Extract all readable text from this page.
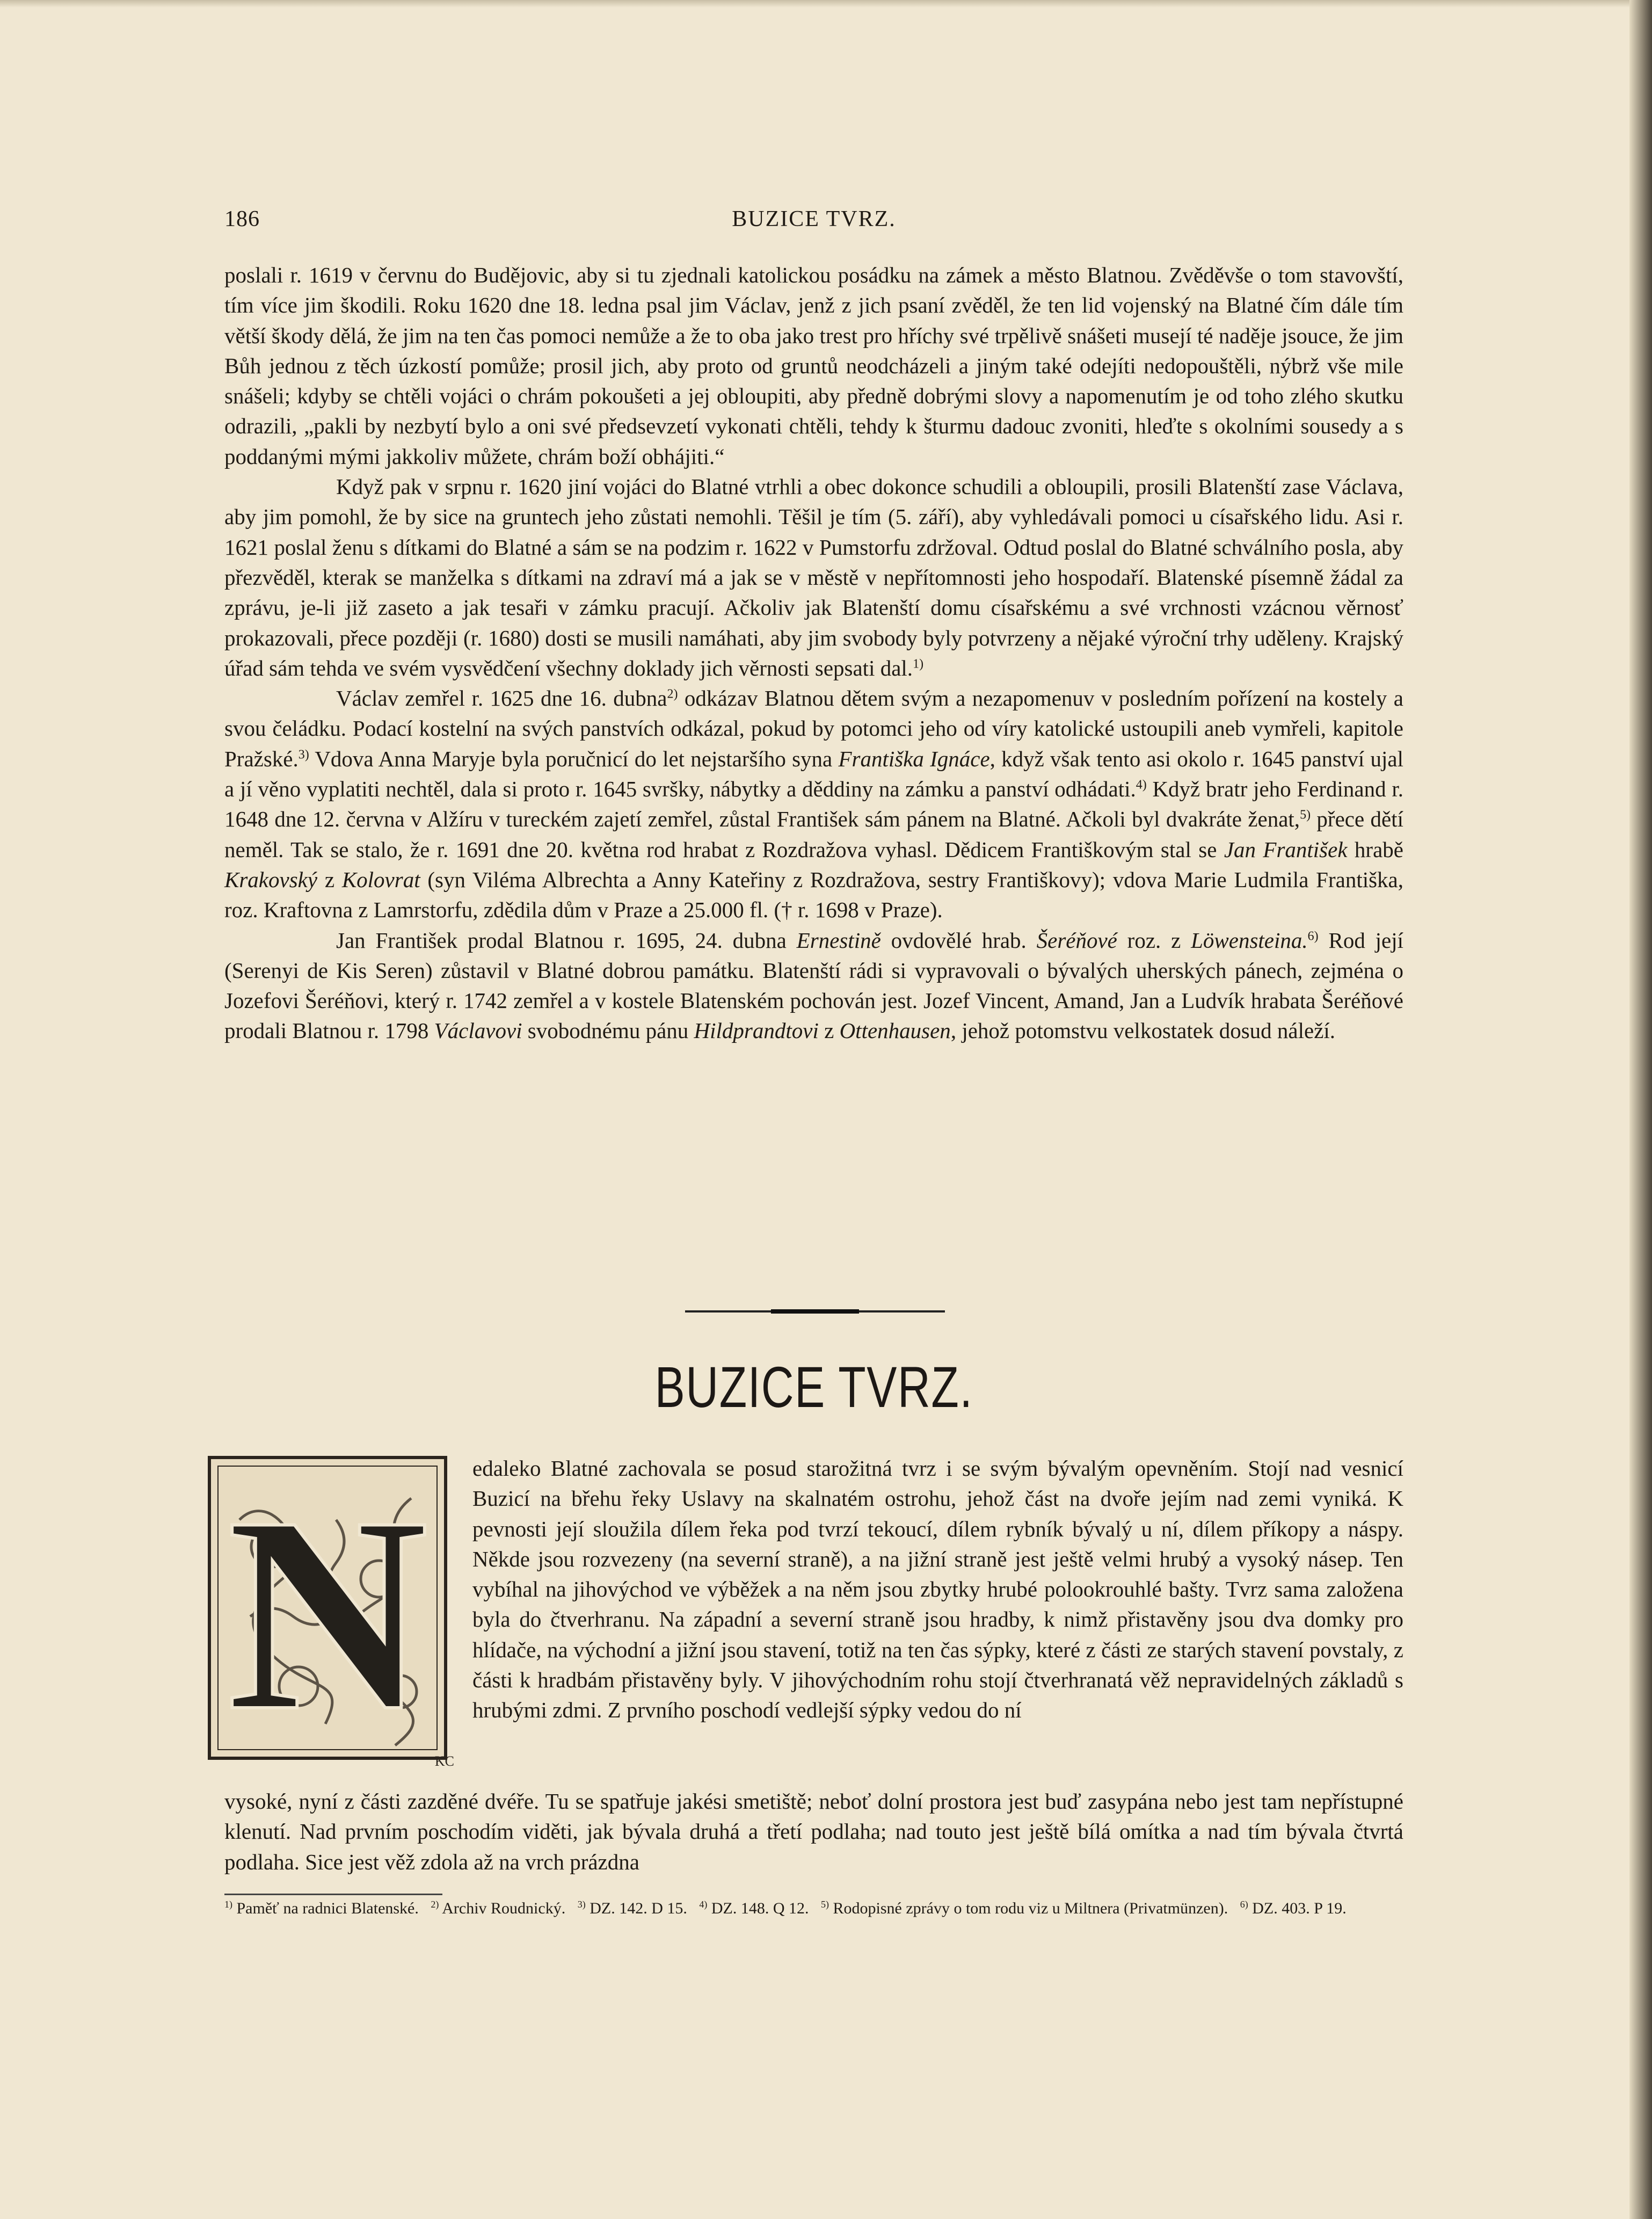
186	BUZICE TVRZ.

poslali r. 1619 v červnu do Budějovic, aby si tu zjednali katolickou posádku na zámek a město Blatnou. Zvěděvše o tom stavovští, tím více jim škodili. Roku 1620 dne 18. ledna psal jim Václav, jenž z jich psaní zvěděl, že ten lid vojenský na Blatné čím dále tím větší škody dělá, že jim na ten čas pomoci nemůže a že to oba jako trest pro hříchy své trpělivě snášeti musejí té naděje jsouce, že jim Bůh jednou z těch úzkostí pomůže; prosil jich, aby proto od gruntů neodcházeli a jiným také odejíti nedopouštěli, nýbrž vše mile snášeli; kdyby se chtěli vojáci o chrám pokoušeti a jej obloupiti, aby předně dobrými slovy a napomenutím je od toho zlého skutku odrazili, „pakli by nezbytí bylo a oni své předsevzetí vykonati chtěli, tehdy k šturmu dadouc zvoniti, hleďte s okolními sousedy a s poddanými mými jakkoliv můžete, chrám boží obhájiti.“

Když pak v srpnu r. 1620 jiní vojáci do Blatné vtrhli a obec dokonce schudili a obloupili, prosili Blatenští zase Václava, aby jim pomohl, že by sice na gruntech jeho zůstati nemohli. Těšil je tím (5. září), aby vyhledávali pomoci u císařského lidu. Asi r. 1621 poslal ženu s dítkami do Blatné a sám se na podzim r. 1622 v Pumstorfu zdržoval. Odtud poslal do Blatné schválního posla, aby přezvěděl, kterak se manželka s dítkami na zdraví má a jak se v městě v nepřítomnosti jeho hospodaří. Blatenské písemně žádal za zprávu, je-li již zaseto a jak tesaři v zámku pracují. Ačkoliv jak Blatenští domu císařskému a své vrchnosti vzácnou věrnosť prokazovali, přece později (r. 1680) dosti se musili namáhati, aby jim svobody byly potvrzeny a nějaké výroční trhy uděleny. Krajský úřad sám tehda ve svém vysvědčení všechny doklady jich věrnosti sepsati dal.$^{1)}$

Václav zemřel r. 1625 dne 16. dubna$^{2)}$ odkázav Blatnou dětem svým a nezapomenuv v posledním pořízení na kostely a svou čeládku. Podací kostelní na svých panstvích odkázal, pokud by potomci jeho od víry katolické ustoupili aneb vymřeli, kapitole Pražské.$^{3)}$ Vdova Anna Maryje byla poručnicí do let nejstaršího syna Františka Ignáce, když však tento asi okolo r. 1645 panství ujal a jí věno vyplatiti nechtěl, dala si proto r. 1645 svršky, nábytky a děddiny na zámku a panství odhádati.$^{4)}$ Když bratr jeho Ferdinand r. 1648 dne 12. června v Alžíru v tureckém zajetí zemřel, zůstal František sám pánem na Blatné. Ačkoli byl dvakráte ženat,$^{5)}$ přece dětí neměl. Tak se stalo, že r. 1691 dne 20. května rod hrabat z Rozdražova vyhasl. Dědicem Františkovým stal se Jan František hrabě Krakovský z Kolovrat (syn Viléma Albrechta a Anny Kateřiny z Rozdražova, sestry Františkovy); vdova Marie Ludmila Františka, roz. Kraftovna z Lamrstorfu, zdědila dům v Praze a 25.000 fl. († r. 1698 v Praze).

Jan František prodal Blatnou r. 1695, 24. dubna Ernestině ovdovělé hrab. Šeréňové roz. z Löwensteina.$^{6)}$ Rod její (Serenyi de Kis Seren) zůstavil v Blatné dobrou památku. Blatenští rádi si vypravovali o bývalých uherských pánech, zejména o Jozefovi Šeréňovi, který r. 1742 zemřel a v kostele Blatenském pochován jest. Jozef Vincent, Amand, Jan a Ludvík hrabata Šeréňové prodali Blatnou r. 1798 Václavovi svobodnému pánu Hildprandtovi z Ottenhausen, jehož potomstvu velkostatek dosud náleží.

BUZICE TVRZ.
N KC

edaleko Blatné zachovala se posud starožitná tvrz i se svým bývalým opevněním. Stojí nad vesnicí Buzicí na břehu řeky Uslavy na skalnatém ostrohu, jehož část na dvoře jejím nad zemi vyniká. K pevnosti její sloužila dílem řeka pod tvrzí tekoucí, dílem rybník bývalý u ní, dílem příkopy a náspy. Někde jsou rozvezeny (na severní straně), a na jižní straně jest ještě velmi hrubý a vysoký násep. Ten vybíhal na jihovýchod ve výběžek a na něm jsou zbytky hrubé polookrouhlé bašty. Tvrz sama založena byla do čtverhranu. Na západní a severní straně jsou hradby, k nimž přistavěny jsou dva domky pro hlídače, na východní a jižní jsou stavení, totiž na ten čas sýpky, které z části ze starých stavení povstaly, z části k hradbám přistavěny byly. V jihovýchodním rohu stojí čtverhranatá věž nepravidelných základů s hrubými zdmi. Z prvního poschodí vedlejší sýpky vedou do ní

vysoké, nyní z části zazděné dvéře. Tu se spatřuje jakési smetiště; neboť dolní prostora jest buď zasypána nebo jest tam nepřístupné klenutí. Nad prvním poschodím viděti, jak bývala druhá a třetí podlaha; nad touto jest ještě bílá omítka a nad tím bývala čtvrtá podlaha. Sice jest věž zdola až na vrch prázdna

$^{1)}$ Paměť na radnici Blatenské. $^{2)}$ Archiv Roudnický. $^{3)}$ DZ. 142. D 15. $^{4)}$ DZ. 148. Q 12. $^{5)}$ Rodopisné zprávy o tom rodu viz u Miltnera (Privatmünzen). $^{6)}$ DZ. 403. P 19.
